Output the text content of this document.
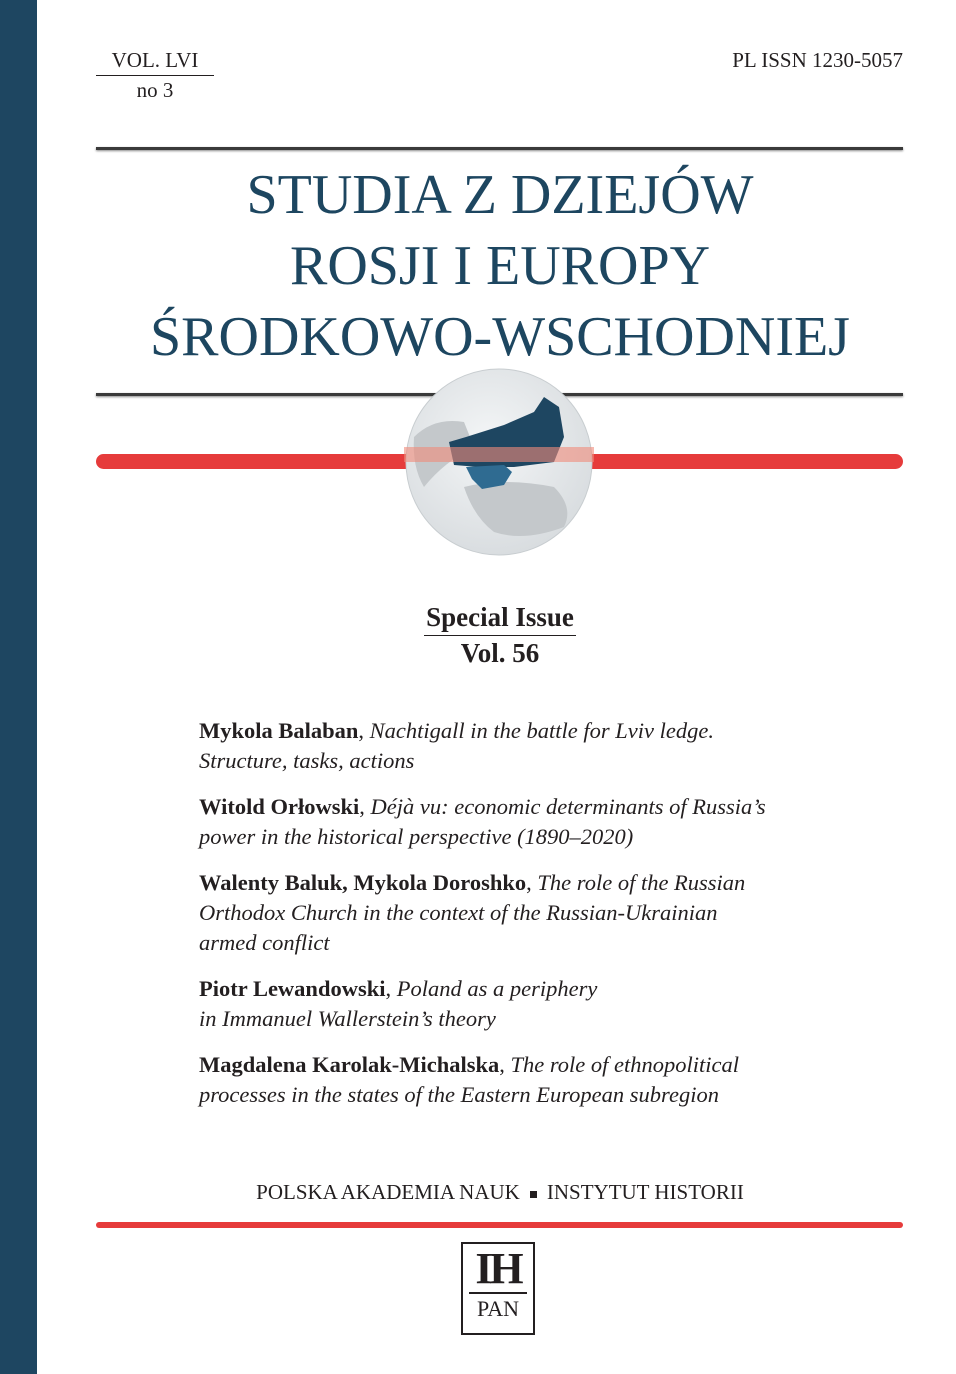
VOL. LVI
no 3
PL ISSN 1230-5057
STUDIA Z DZIEJÓW
ROSJI I EUROPY
ŚRODKOWO-WSCHODNIEJ
Special Issue
Vol. 56
Mykola Balaban, Nachtigall in the battle for Lviv ledge.
Structure, tasks, actions
Witold Orłowski, Déjà vu: economic determinants of Russia’s
power in the historical perspective (1890–2020)
Walenty Baluk, Mykola Doroshko, The role of the Russian
Orthodox Church in the context of the Russian-Ukrainian
armed conflict
Piotr Lewandowski, Poland as a periphery
in Immanuel Wallerstein’s theory
Magdalena Karolak-Michalska, The role of ethnopolitical
processes in the states of the Eastern European subregion
POLSKA AKADEMIA NAUK INSTYTUT HISTORII
IH
PAN
